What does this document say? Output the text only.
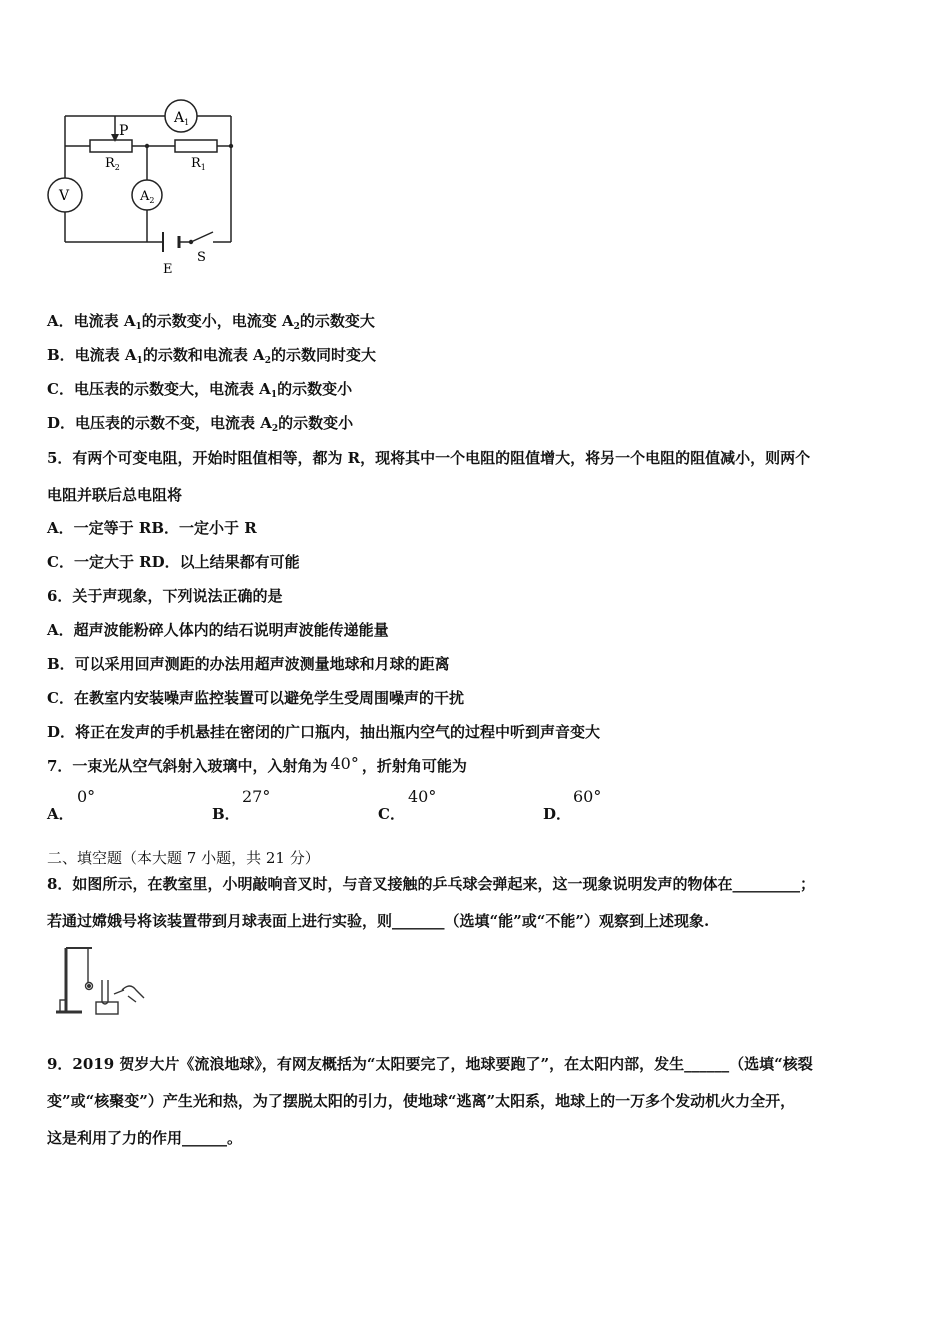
$A_1$
P
$R_2$	$R_1$
V	$A_2$
E
S
A．电流表 $A_1$的示数变小，电流变 $A_2$的示数变大
B．电流表 $A_1$的示数和电流表 $A_2$的示数同时变大
C．电压表的示数变大，电流表 $A_1$的示数变小
D．电压表的示数不变，电流表 $A_2$的示数变小
5．有两个可变电阻，开始时阻值相等，都为 R，现将其中一个电阻的阻值增大，将另一个电阻的阻值减小，则两个
电阻并联后总电阻将
A．一定等于 RB．一定小于 R
C．一定大于 RD．以上结果都有可能
6．关于声现象，下列说法正确的是
A．超声波能粉碎人体内的结石说明声波能传递能量
B．可以采用回声测距的办法用超声波测量地球和月球的距离
C．在教室内安装噪声监控装置可以避免学生受周围噪声的干扰
D．将正在发声的手机悬挂在密闭的广口瓶内，抽出瓶内空气的过程中听到声音变大
7．一束光从空气斜射入玻璃中，入射角为 40° ，折射角可能为
A．
0°
B．
27°
C．
40°
D．
60°
二、填空题（本大题 7 小题，共 21 分）
8．如图所示，在教室里，小明敲响音叉时，与音叉接触的乒乓球会弹起来，这一现象说明发声的物体在_________；
若通过嫦娥号将该装置带到月球表面上进行实验，则_______（选填“能”或“不能”）观察到上述现象.
9．2019 贺岁大片《流浪地球》，有网友概括为“太阳要完了，地球要跑了”，在太阳内部，发生______（选填“核裂
变”或“核聚变”）产生光和热，为了摆脱太阳的引力，使地球“逃离”太阳系，地球上的一万多个发动机火力全开，
这是利用了力的作用______。
